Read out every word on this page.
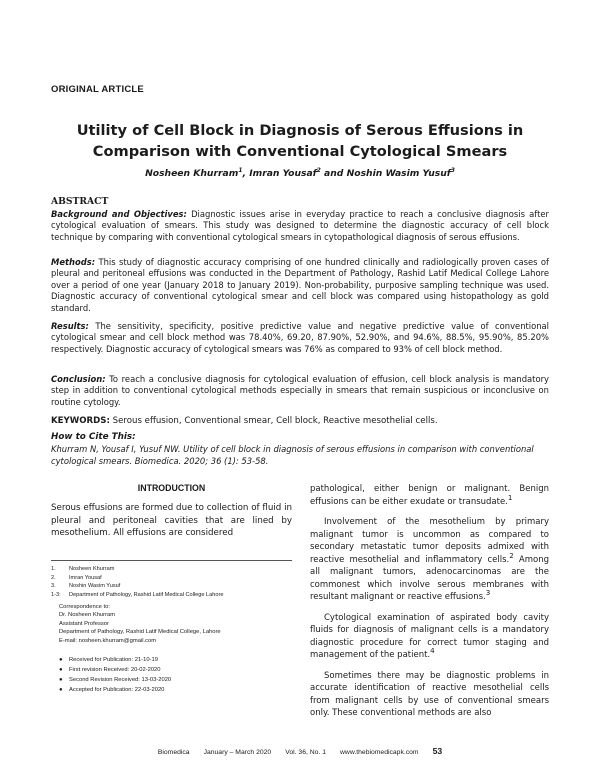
ORIGINAL ARTICLE
Utility of Cell Block in Diagnosis of Serous Effusions in
Comparison with Conventional Cytological Smears
Nosheen Khurram$^1$, Imran Yousaf$^2$ and Noshin Wasim Yusuf$^3$
ABSTRACT
Background and Objectives: Diagnostic issues arise in everyday practice to reach a conclusive diagnosis after cytological evaluation of smears. This study was designed to determine the diagnostic accuracy of cell block technique by comparing with conventional cytological smears in cytopathological diagnosis of serous effusions.
Methods: This study of diagnostic accuracy comprising of one hundred clinically and radiologically proven cases of pleural and peritoneal effusions was conducted in the Department of Pathology, Rashid Latif Medical College Lahore over a period of one year (January 2018 to January 2019). Non-probability, purposive sampling technique was used. Diagnostic accuracy of conventional cytological smear and cell block was compared using histopathology as gold standard.
Results: The sensitivity, specificity, positive predictive value and negative predictive value of conventional cytological smear and cell block method was 78.40%, 69.20, 87.90%, 52.90%, and 94.6%, 88.5%, 95.90%, 85.20% respectively. Diagnostic accuracy of cytological smears was 76% as compared to 93% of cell block method.
Conclusion: To reach a conclusive diagnosis for cytological evaluation of effusion, cell block analysis is mandatory step in addition to conventional cytological methods especially in smears that remain suspicious or inconclusive on routine cytology.
KEYWORDS: Serous effusion, Conventional smear, Cell block, Reactive mesothelial cells.
How to Cite This:
Khurram N, Yousaf I, Yusuf NW. Utility of cell block in diagnosis of serous effusions in comparison with conventional cytological smears. Biomedica. 2020; 36 (1): 53-58.
INTRODUCTION
Serous effusions are formed due to collection of fluid in pleural and peritoneal cavities that are lined by mesothelium. All effusions are considered

pathological, either benign or malignant. Benign effusions can be either exudate or transudate.$^1$

Involvement of the mesothelium by primary malignant tumor is uncommon as compared to secondary metastatic tumor deposits admixed with reactive mesothelial and inflammatory cells.$^2$ Among all malignant tumors, adenocarcinomas are the commonest which involve serous membranes with resultant malignant or reactive effusions.$^3$

Cytological examination of aspirated body cavity fluids for diagnosis of malignant cells is a mandatory diagnostic procedure for correct tumor staging and management of the patient.$^4$

Sometimes there may be diagnostic problems in accurate identification of reactive mesothelial cells from malignant cells by use of conventional smears only. These conventional methods are also

1.	Nosheen Khurram
2.	Imran Yousaf
3.	Noshin Wasim Yusuf
1-3:	Department of Pathology, Rashid Latif Medical College Lahore
Correspondence to:
Dr. Nosheen Khurram
Assistant Professor
Department of Pathology, Rashid Latif Medical College, Lahore
E-mail: nosheen.khurram@gmail.com
●	Received for Publication: 21-10-19
●	First revision Received: 20-02-2020
●	Second Revision Received: 13-03-2020
●	Accepted for Publication: 22-03-2020
Biomedica January – March 2020 Vol. 36, No. 1 www.thebiomedicapk.com 53
